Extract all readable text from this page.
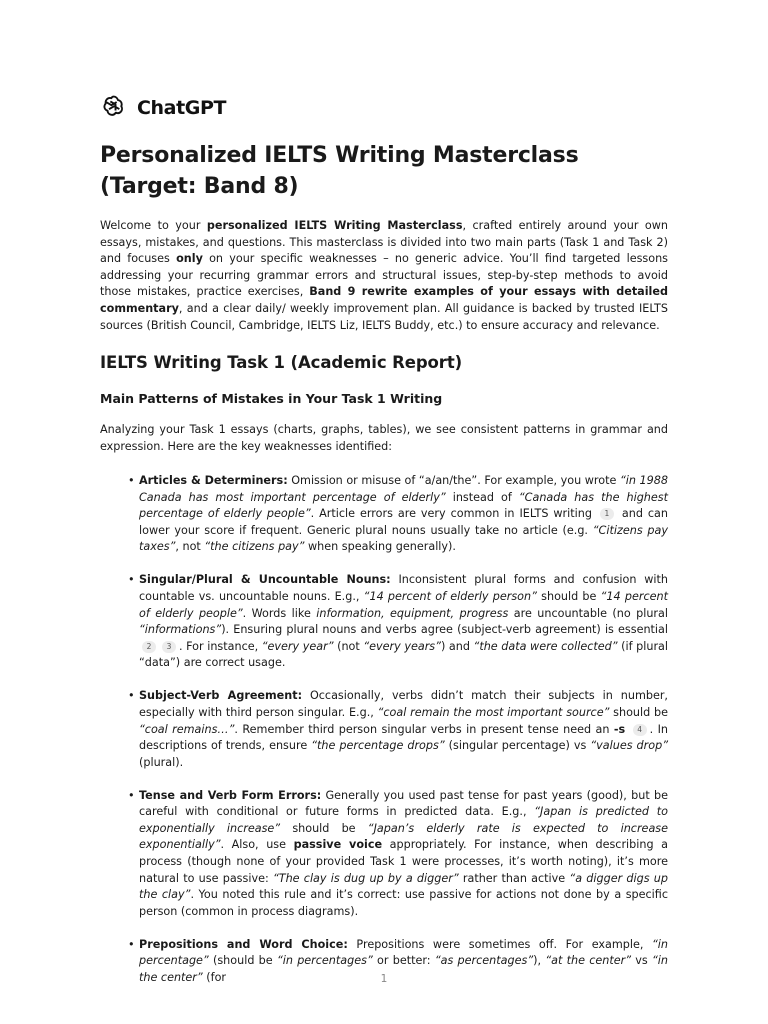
ChatGPT
Personalized IELTS Writing Masterclass (Target: Band 8)

Welcome to your personalized IELTS Writing Masterclass, crafted entirely around your own essays, mistakes, and questions. This masterclass is divided into two main parts (Task 1 and Task 2) and focuses only on your specific weaknesses – no generic advice. You’ll find targeted lessons addressing your recurring grammar errors and structural issues, step-by-step methods to avoid those mistakes, practice exercises, Band 9 rewrite examples of your essays with detailed commentary, and a clear daily/ weekly improvement plan. All guidance is backed by trusted IELTS sources (British Council, Cambridge, IELTS Liz, IELTS Buddy, etc.) to ensure accuracy and relevance.

IELTS Writing Task 1 (Academic Report)
Main Patterns of Mistakes in Your Task 1 Writing

Analyzing your Task 1 essays (charts, graphs, tables), we see consistent patterns in grammar and expression. Here are the key weaknesses identified:

• Articles & Determiners: Omission or misuse of “a/an/the”. For example, you wrote “in 1988 Canada has most important percentage of elderly” instead of “Canada has the highest percentage of elderly people”. Article errors are very common in IELTS writing 1 and can lower your score if frequent. Generic plural nouns usually take no article (e.g. “Citizens pay taxes”, not “the citizens pay” when speaking generally).
• Singular/Plural & Uncountable Nouns: Inconsistent plural forms and confusion with countable vs. uncountable nouns. E.g., “14 percent of elderly person” should be “14 percent of elderly people”. Words like information, equipment, progress are uncountable (no plural “informations”). Ensuring plural nouns and verbs agree (subject-verb agreement) is essential 2 3 . For instance, “every year” (not “every years”) and “the data were collected” (if plural “data”) are correct usage.
• Subject-Verb Agreement: Occasionally, verbs didn’t match their subjects in number, especially with third person singular. E.g., “coal remain the most important source” should be “coal remains…”. Remember third person singular verbs in present tense need an -s 4 . In descriptions of trends, ensure “the percentage drops” (singular percentage) vs “values drop” (plural).
• Tense and Verb Form Errors: Generally you used past tense for past years (good), but be careful with conditional or future forms in predicted data. E.g., “Japan is predicted to exponentially increase” should be “Japan’s elderly rate is expected to increase exponentially”. Also, use passive voice appropriately. For instance, when describing a process (though none of your provided Task 1 were processes, it’s worth noting), it’s more natural to use passive: “The clay is dug up by a digger” rather than active “a digger digs up the clay”. You noted this rule and it’s correct: use passive for actions not done by a specific person (common in process diagrams).
• Prepositions and Word Choice: Prepositions were sometimes off. For example, “in percentage” (should be “in percentages” or better: “as percentages”), “at the center” vs “in the center” (for	1
